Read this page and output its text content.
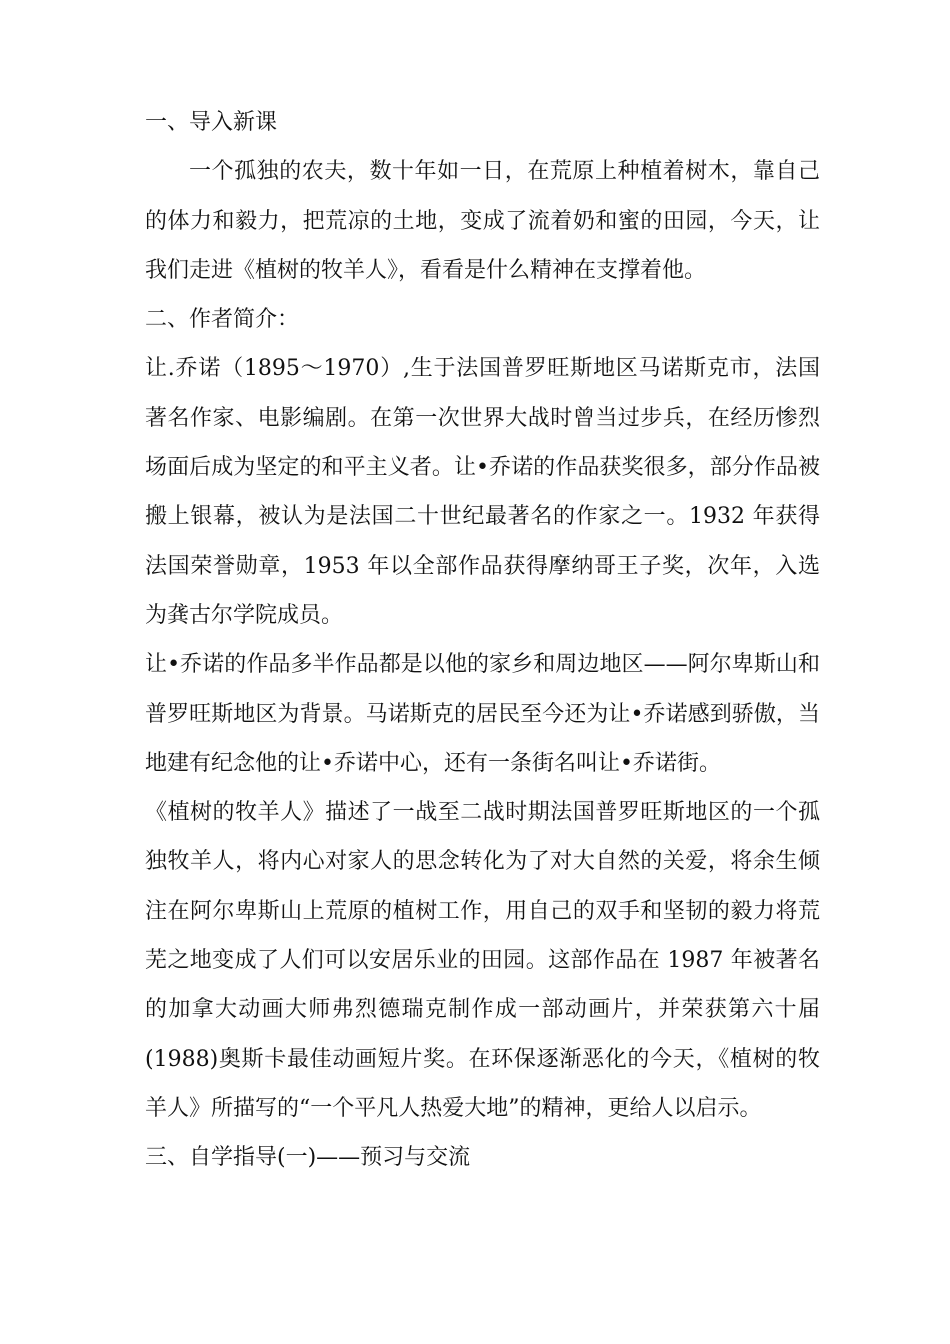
一、导入新课

一个孤独的农夫，数十年如一日，在荒原上种植着树木，靠自己的体力和毅力，把荒凉的土地，变成了流着奶和蜜的田园，今天，让我们走进《植树的牧羊人》，看看是什么精神在支撑着他。

二、作者简介：

让.乔诺（1895～1970）,生于法国普罗旺斯地区马诺斯克市，法国著名作家、电影编剧。在第一次世界大战时曾当过步兵，在经历惨烈场面后成为坚定的和平主义者。让•乔诺的作品获奖很多，部分作品被搬上银幕，被认为是法国二十世纪最著名的作家之一。1932 年获得法国荣誉勋章，1953 年以全部作品获得摩纳哥王子奖，次年，入选为龚古尔学院成员。

让•乔诺的作品多半作品都是以他的家乡和周边地区——阿尔卑斯山和普罗旺斯地区为背景。马诺斯克的居民至今还为让•乔诺感到骄傲，当地建有纪念他的让•乔诺中心，还有一条街名叫让•乔诺街。

《植树的牧羊人》描述了一战至二战时期法国普罗旺斯地区的一个孤独牧羊人，将内心对家人的思念转化为了对大自然的关爱，将余生倾注在阿尔卑斯山上荒原的植树工作，用自己的双手和坚韧的毅力将荒芜之地变成了人们可以安居乐业的田园。这部作品在 1987 年被著名的加拿大动画大师弗烈德瑞克制作成一部动画片，并荣获第六十届(1988)奥斯卡最佳动画短片奖。在环保逐渐恶化的今天，《植树的牧羊人》所描写的“一个平凡人热爱大地”的精神，更给人以启示。

三、自学指导(一)——预习与交流
